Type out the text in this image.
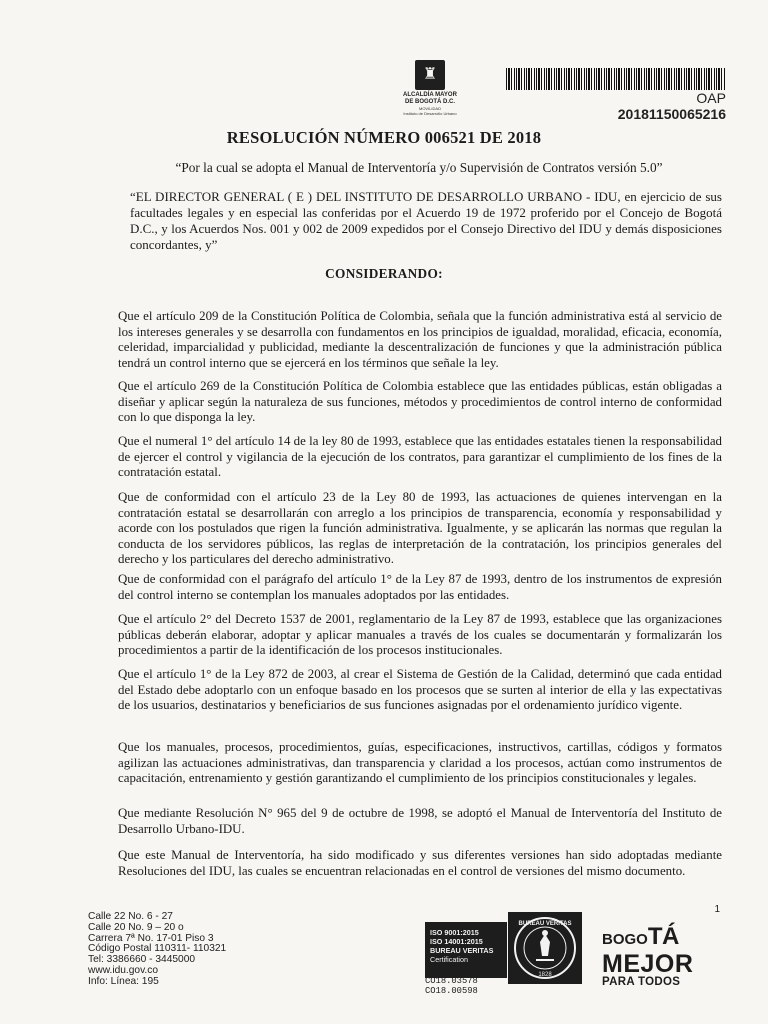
♜
ALCALDÍA MAYOR
DE BOGOTÁ D.C.
MOVILIDAD
Instituto de Desarrollo Urbano
OAP
20181150065216
RESOLUCIÓN NÚMERO 006521 DE 2018
“Por la cual se adopta el Manual de Interventoría y/o Supervisión de Contratos versión 5.0”
“EL DIRECTOR GENERAL ( E ) DEL INSTITUTO DE DESARROLLO URBANO - IDU, en ejercicio de sus facultades legales y en especial las conferidas por el Acuerdo 19 de 1972 proferido por el Concejo de Bogotá D.C., y los Acuerdos Nos. 001 y 002 de 2009 expedidos por el Consejo Directivo del IDU y demás disposiciones concordantes, y”
CONSIDERANDO:
Que el artículo 209 de la Constitución Política de Colombia, señala que la función administrativa está al servicio de los intereses generales y se desarrolla con fundamentos en los principios de igualdad, moralidad, eficacia, economía, celeridad, imparcialidad y publicidad, mediante la descentralización de funciones y que la administración pública tendrá un control interno que se ejercerá en los términos que señale la ley.
Que el artículo 269 de la Constitución Política de Colombia establece que las entidades públicas, están obligadas a diseñar y aplicar según la naturaleza de sus funciones, métodos y procedimientos de control interno de conformidad con lo que disponga la ley.
Que el numeral 1° del artículo 14 de la ley 80 de 1993, establece que las entidades estatales tienen la responsabilidad de ejercer el control y vigilancia de la ejecución de los contratos, para garantizar el cumplimiento de los fines de la contratación estatal.
Que de conformidad con el artículo 23 de la Ley 80 de 1993, las actuaciones de quienes intervengan en la contratación estatal se desarrollarán con arreglo a los principios de transparencia, economía y responsabilidad y acorde con los postulados que rigen la función administrativa. Igualmente, y se aplicarán las normas que regulan la conducta de los servidores públicos, las reglas de interpretación de la contratación, los principios generales del derecho y los particulares del derecho administrativo.
Que de conformidad con el parágrafo del artículo 1° de la Ley 87 de 1993, dentro de los instrumentos de expresión del control interno se contemplan los manuales adoptados por las entidades.
Que el artículo 2° del Decreto 1537 de 2001, reglamentario de la Ley 87 de 1993, establece que las organizaciones públicas deberán elaborar, adoptar y aplicar manuales a través de los cuales se documentarán y formalizarán los procedimientos a partir de la identificación de los procesos institucionales.
Que el artículo 1° de la Ley 872 de 2003, al crear el Sistema de Gestión de la Calidad, determinó que cada entidad del Estado debe adoptarlo con un enfoque basado en los procesos que se surten al interior de ella y las expectativas de los usuarios, destinatarios y beneficiarios de sus funciones asignadas por el ordenamiento jurídico vigente.
Que los manuales, procesos, procedimientos, guías, especificaciones, instructivos, cartillas, códigos y formatos agilizan las actuaciones administrativas, dan transparencia y claridad a los procesos, actúan como instrumentos de capacitación, entrenamiento y gestión garantizando el cumplimiento de los principios constitucionales y legales.
Que mediante Resolución N° 965 del 9 de octubre de 1998, se adoptó el Manual de Interventoría del Instituto de Desarrollo Urbano-IDU.
Que este Manual de Interventoría, ha sido modificado y sus diferentes versiones han sido adoptadas mediante Resoluciones del IDU, las cuales se encuentran relacionadas en el control de versiones del mismo documento.
Calle 22 No. 6 - 27
Calle 20 No. 9 – 20 o
Carrera 7ª No. 17-01 Piso 3
Código Postal 110311- 110321
Tel: 3386660 - 3445000
www.idu.gov.co
Info: Línea: 195
1
ISO 9001:2015
ISO 14001:2015
BUREAU VERITAS
Certification
BUREAU VERITAS
1828
CO18.03578
CO18.00598
BOGOTÁ
MEJOR
PARA TODOS
